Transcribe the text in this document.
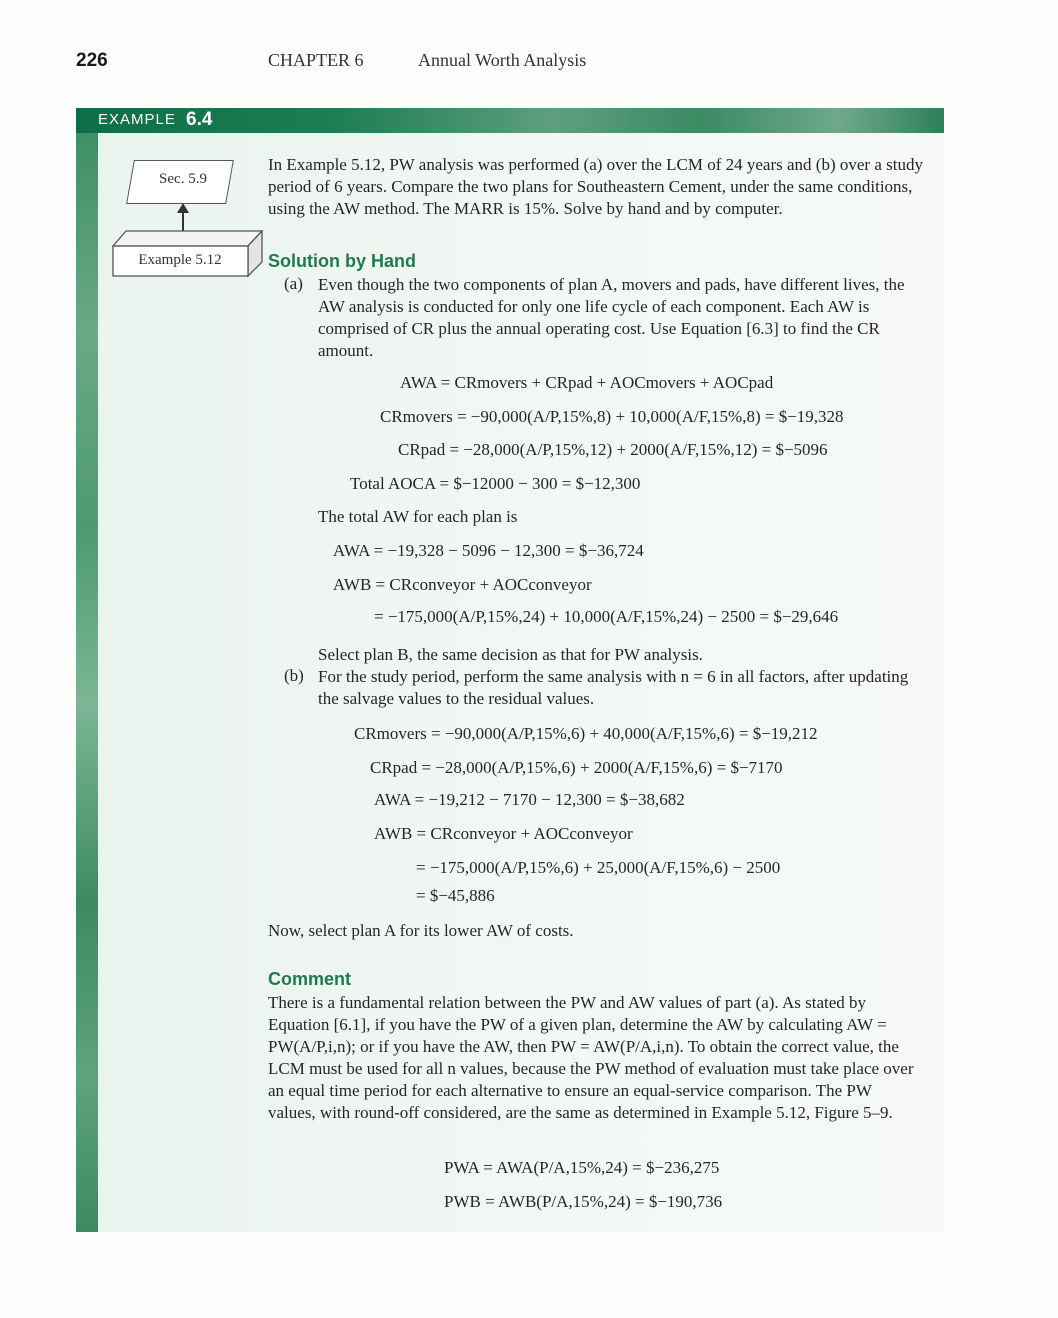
226	CHAPTER 6	Annual Worth Analysis
EXAMPLE 6.4
Sec. 5.9
Example 5.12

In Example 5.12, PW analysis was performed (a) over the LCM of 24 years and (b) over a study period of 6 years. Compare the two plans for Southeastern Cement, under the same conditions, using the AW method. The MARR is 15%. Solve by hand and by computer.

Solution by Hand
(a) Even though the two components of plan A, movers and pads, have different lives, the AW analysis is conducted for only one life cycle of each component. Each AW is comprised of CR plus the annual operating cost. Use Equation [6.3] to find the CR amount.

AWA = CRmovers + CRpad + AOCmovers + AOCpad
CRmovers = −90,000(A/P,15%,8) + 10,000(A/F,15%,8) = $−19,328
CRpad = −28,000(A/P,15%,12) + 2000(A/F,15%,12) = $−5096
Total AOCA = $−12000 − 300 = $−12,300

The total AW for each plan is

AWA = −19,328 − 5096 − 12,300 = $−36,724
AWB = CRconveyor + AOCconveyor
= −175,000(A/P,15%,24) + 10,000(A/F,15%,24) − 2500 = $−29,646

Select plan B, the same decision as that for PW analysis.

(b) For the study period, perform the same analysis with n = 6 in all factors, after updating the salvage values to the residual values.

CRmovers = −90,000(A/P,15%,6) + 40,000(A/F,15%,6) = $−19,212
CRpad = −28,000(A/P,15%,6) + 2000(A/F,15%,6) = $−7170
AWA = −19,212 − 7170 − 12,300 = $−38,682
AWB = CRconveyor + AOCconveyor
= −175,000(A/P,15%,6) + 25,000(A/F,15%,6) − 2500
= $−45,886

Now, select plan A for its lower AW of costs.

Comment

There is a fundamental relation between the PW and AW values of part (a). As stated by Equation [6.1], if you have the PW of a given plan, determine the AW by calculating AW = PW(A/P,i,n); or if you have the AW, then PW = AW(P/A,i,n). To obtain the correct value, the LCM must be used for all n values, because the PW method of evaluation must take place over an equal time period for each alternative to ensure an equal-service comparison. The PW values, with round-off considered, are the same as determined in Example 5.12, Figure 5–9.

PWA = AWA(P/A,15%,24) = $−236,275
PWB = AWB(P/A,15%,24) = $−190,736
